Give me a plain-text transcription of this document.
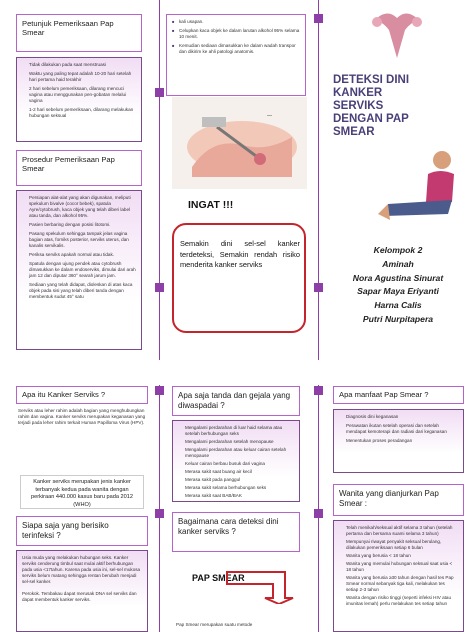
Petunjuk Pemeriksaan Pap Smear
Tidak dilakukan pada saat menstruasi
Waktu yang paling tepat adalah 10-20 hari setelah hari pertama haid terakhir
2 hari sebelum pemeriksaan, dilarang mencuci vagina atau menggunakan pen-gobatan melalui vagina
1-2 hari sebelum pemeriksaan, dilarang melakukan hubungan seksual
Prosedur Pemeriksaan Pap Smear
Persiapan alat-alat yang akan digunakan, meliputi spekulum bivalve (cocor bebek), spatula Ayre/cytobrush, kaca objek yang telah diberi label atau tanda, dan alkohol 95%.
Pasien berbaring dengan posisi litotomi.
Pasang spekulum sehingga tampak jelas vagina bagian atas, forniks posterior, serviks uterus, dan kanalis servikalis.
Periksa serviks apakah normal atau tidak.
Spatula dengan ujung pendek atau cytobrush dimasukkan ke dalam endoserviks, dimulai dari arah jam 12 dan diputar 360° searah jarum jam.
Sediaan yang telah didapat, dioleskan di atas kaca objek pada sisi yang telah diberi tanda dengan membentuk sudut 45° satu
■ kali usapan.
■ Celupkan kaca objek ke dalam larutan alkohol 95% selama 10 menit.
■ Kemudian sediaan dimasukkan ke dalam wadah transpor dan dikirim ke ahli patologi anatomis.
—
INGAT !!!
Semakin dini sel-sel kanker terdeteksi, Semakin rendah risiko menderita kanker serviks
DETEKSI DINI KANKER SERVIKS DENGAN PAP SMEAR
Kelompok 2
Aminah
Nora Agustina Sinurat
Sapar Maya Eriyanti
Harna Calis
Putri Nurpitapera
Apa itu Kanker Serviks ?
Serviks atau leher rahim adalah bagian yang menghubungkan rahim dan vagina. Kanker serviks merupakan keganasan yang terjadi pada leher rahim terkait Human Papilloma Virus (HPV).
Kanker serviks merupakan jenis kanker terbanyak kedua pada wanita dengan perkiraan 440.000 kasus baru pada 2012 (WHO)
Siapa saja yang berisiko terinfeksi ?
Usia muda yang melakukan hubungan seks. Kanker serviks cenderung timbul saat mulai aktif berhubungan pada usia <17tahun. Karena pada usia ini, sel-sel mukosa serviks belum matang sehingga rentan berubah menjadi sel-sel kanker.
Perokok. Tembakau dapat merusak DNA sel serviks dan dapat membentuk kanker serviks.
Apa saja tanda dan gejala yang diwaspadai ?
Mengalami perdarahan di luar haid selama atau setelah berhubungan seks
Mengalami perdarahan setelah menopause
Mengalami perdarahan atau keluar cairan setelah menopause
Keluar cairan berbau busuk dari vagina
Merasa sakit saat buang air kecil
Merasa sakit pada panggul
Merasa sakit selama berhubungan seks
Merasa sakit saat BAB/BAK
Bagaimana cara deteksi dini kanker serviks ?
PAP SMEAR
Pap Smear merupakan suatu metode
Apa manfaat Pap Smear ?
Diagnosis dini keganasan
Perawatan ikutan setelah operasi dan setelah mendapat kemoterapi dan radiasi dari keganasan
Menentukan proses peradangan
Wanita yang dianjurkan Pap Smear :
Telah menikah/seksual aktif selama 3 tahun (setelah pertama dan bersama suami selama 3 tahun)
Mempunyai riwayat penyakit seksual berulang, dilakukan pemeriksaan setiap 6 bulan
Wanita yang berusia < 18 tahun
Wanita yang memulai hubungan seksual saat usia < 18 tahun
Wanita yang berusia ≥30 tahun dengan hasil tes Pap Smear normal sebanyak tiga kali, melakukan tes setiap 2-3 tahun
Wanita dengan risiko tinggi (seperti infeksi HIV atau imunitas lemah) perlu melakukan tes setiap tahun
